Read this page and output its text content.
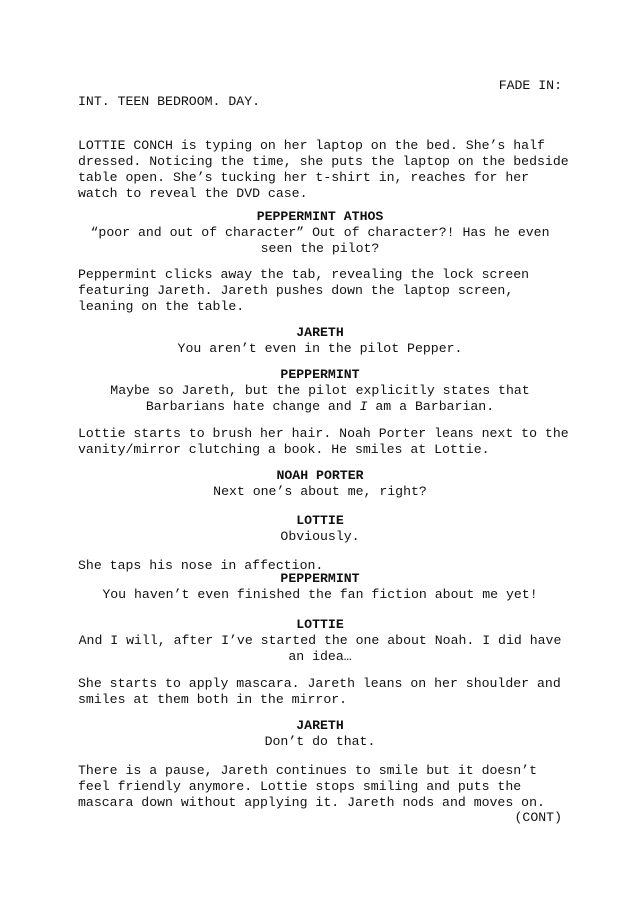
FADE IN:
INT. TEEN BEDROOM. DAY.
LOTTIE CONCH is typing on her laptop on the bed. She’s half
dressed. Noticing the time, she puts the laptop on the bedside
table open. She’s tucking her t-shirt in, reaches for her
watch to reveal the DVD case.
PEPPERMINT ATHOS
“poor and out of character” Out of character?! Has he even
seen the pilot?
Peppermint clicks away the tab, revealing the lock screen
featuring Jareth. Jareth pushes down the laptop screen,
leaning on the table.
JARETH
You aren’t even in the pilot Pepper.
PEPPERMINT
Maybe so Jareth, but the pilot explicitly states that
Barbarians hate change and I am a Barbarian.
Lottie starts to brush her hair. Noah Porter leans next to the
vanity/mirror clutching a book. He smiles at Lottie.
NOAH PORTER
Next one’s about me, right?
LOTTIE
Obviously.
She taps his nose in affection.
PEPPERMINT
You haven’t even finished the fan fiction about me yet!
LOTTIE
And I will, after I’ve started the one about Noah. I did have
an idea…
She starts to apply mascara. Jareth leans on her shoulder and
smiles at them both in the mirror.
JARETH
Don’t do that.
There is a pause, Jareth continues to smile but it doesn’t
feel friendly anymore. Lottie stops smiling and puts the
mascara down without applying it. Jareth nods and moves on.
(CONT)
